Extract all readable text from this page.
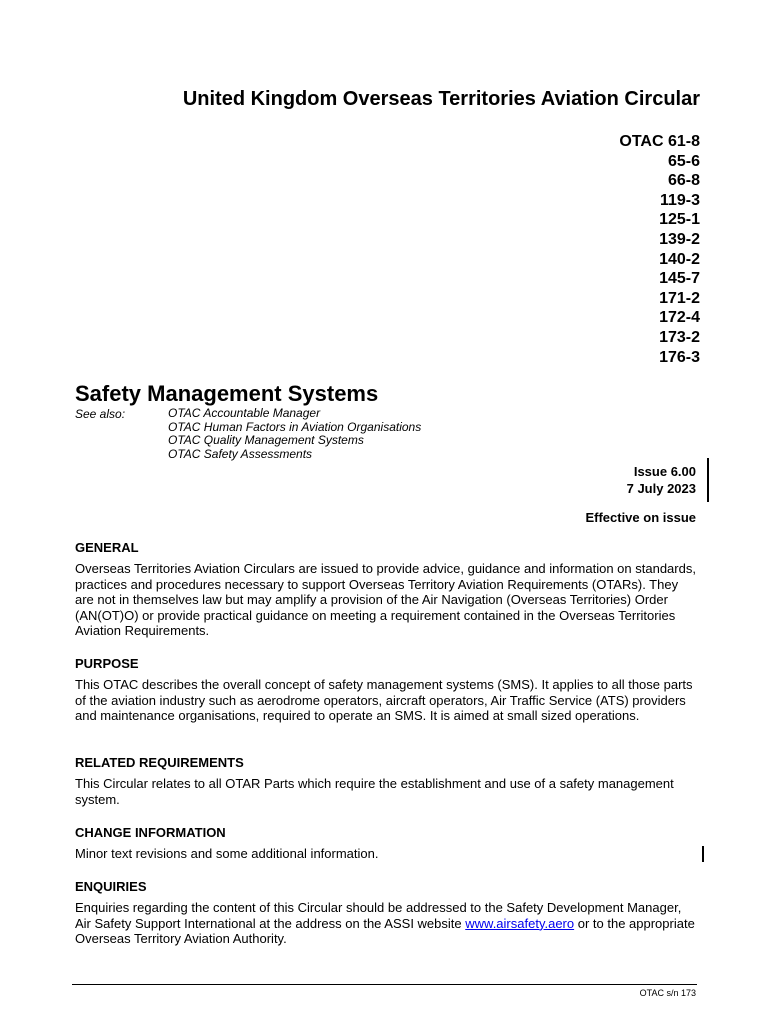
United Kingdom Overseas Territories Aviation Circular
OTAC 61-8
65-6
66-8
119-3
125-1
139-2
140-2
145-7
171-2
172-4
173-2
176-3
Safety Management Systems
See also:	OTAC Accountable Manager
OTAC Human Factors in Aviation Organisations
OTAC Quality Management Systems
OTAC Safety Assessments
Issue 6.00
7 July 2023
Effective on issue
GENERAL

Overseas Territories Aviation Circulars are issued to provide advice, guidance and information on standards, practices and procedures necessary to support Overseas Territory Aviation Requirements (OTARs). They are not in themselves law but may amplify a provision of the Air Navigation (Overseas Territories) Order (AN(OT)O) or provide practical guidance on meeting a requirement contained in the Overseas Territories Aviation Requirements.

PURPOSE

This OTAC describes the overall concept of safety management systems (SMS). It applies to all those parts of the aviation industry such as aerodrome operators, aircraft operators, Air Traffic Service (ATS) providers and maintenance organisations, required to operate an SMS. It is aimed at small sized operations.

RELATED REQUIREMENTS

This Circular relates to all OTAR Parts which require the establishment and use of a safety management system.

CHANGE INFORMATION

Minor text revisions and some additional information.

ENQUIRIES

Enquiries regarding the content of this Circular should be addressed to the Safety Development Manager, Air Safety Support International at the address on the ASSI website www.airsafety.aero or to the appropriate Overseas Territory Aviation Authority.

OTAC s/n 173
